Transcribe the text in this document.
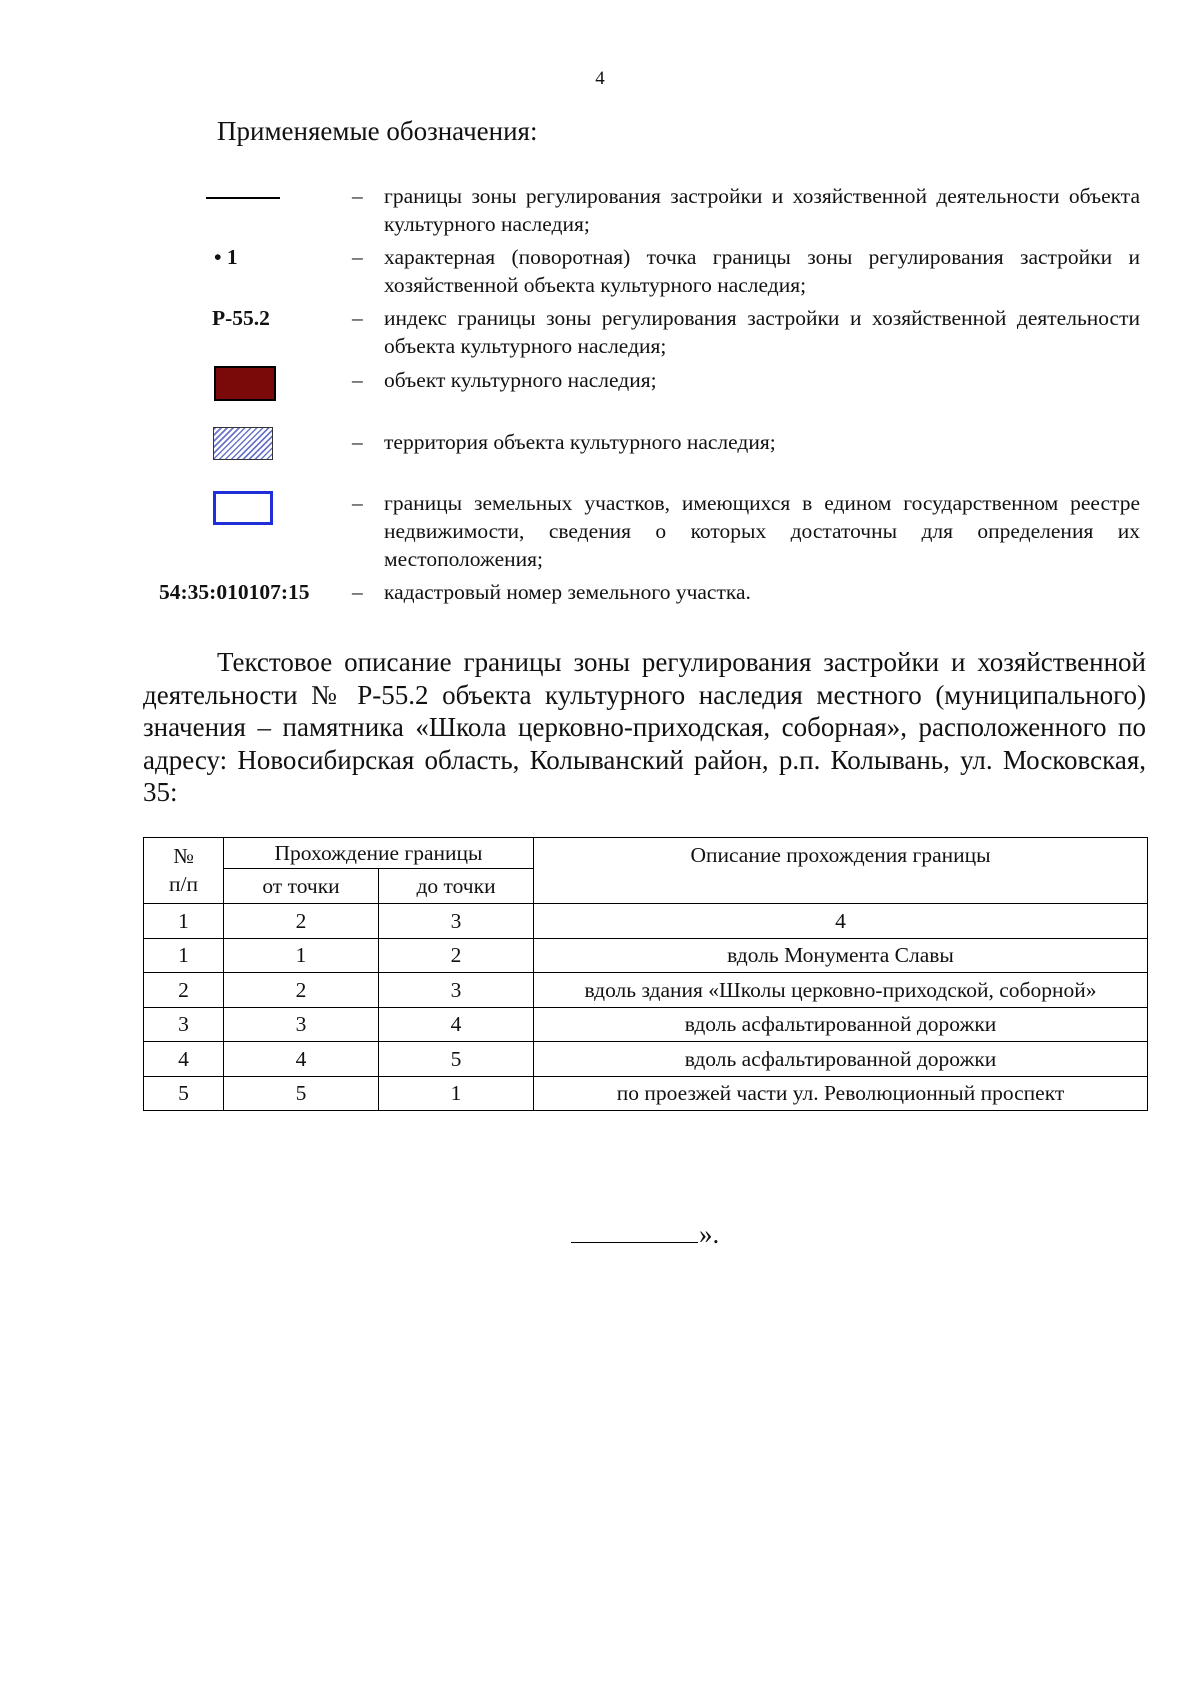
4
Применяемые обозначения:
– границы зоны регулирования застройки и хозяйственной деятельности объекта культурного наследия;
• 1	– характерная (поворотная) точка границы зоны регулирования застройки и хозяйственной объекта культурного наследия;
Р-55.2	– индекс границы зоны регулирования застройки и хозяйственной деятельности объекта культурного наследия;
– объект культурного наследия;
– территория объекта культурного наследия;
– границы земельных участков, имеющихся в едином государственном реестре недвижимости, сведения о которых достаточны для определения их местоположения;
54:35:010107:15 – кадастровый номер земельного участка.

Текстовое описание границы зоны регулирования застройки и хозяйственной деятельности № Р-55.2 объекта культурного наследия местного (муниципального) значения – памятника «Школа церковно-приходская, соборная», расположенного по адресу: Новосибирская область, Колыванский район, р.п. Колывань, ул. Московская, 35:

№
п/п	Прохождение границы		Описание прохождения границы
	от точки	до точки	
1	2	3	4
1	1	2	вдоль Монумента Славы
2	2	3	вдоль здания «Школы церковно-приходской, соборной»
3	3	4	вдоль асфальтированной дорожки
4	4	5	вдоль асфальтированной дорожки
5	5	1	по проезжей части ул. Революционный проспект
».
